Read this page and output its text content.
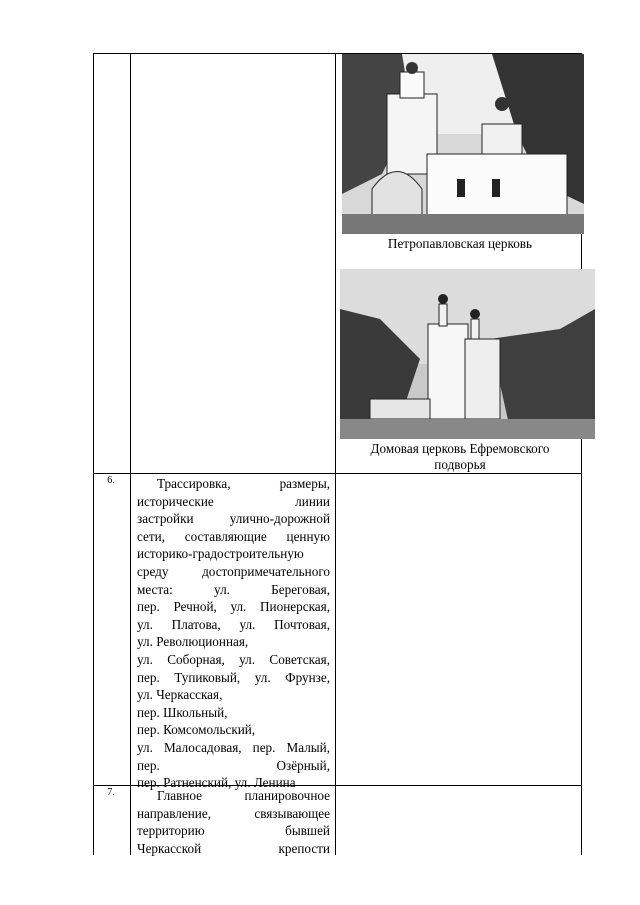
Петропавловская церковь
Домовая церковь Ефремовского подворья
6.	Трассировка, размеры,
исторические линии
застройки улично-дорожной
сети, составляющие ценную
историко-градостроительную
среду достопримечательного
места: ул. Береговая,
пер. Речной, ул. Пионерская,
ул. Платова, ул. Почтовая,
ул. Революционная,
ул. Соборная, ул. Советская,
пер. Тупиковый, ул. Фрунзе,
ул. Черкасская,
пер. Школьный,
пер. Комсомольский,
ул. Малосадовая, пер. Малый,
пер. Озёрный,
пер. Ратненский, ул. Ленина
7.	Главное планировочное
направление, связывающее
территорию бывшей
Черкасской крепости
